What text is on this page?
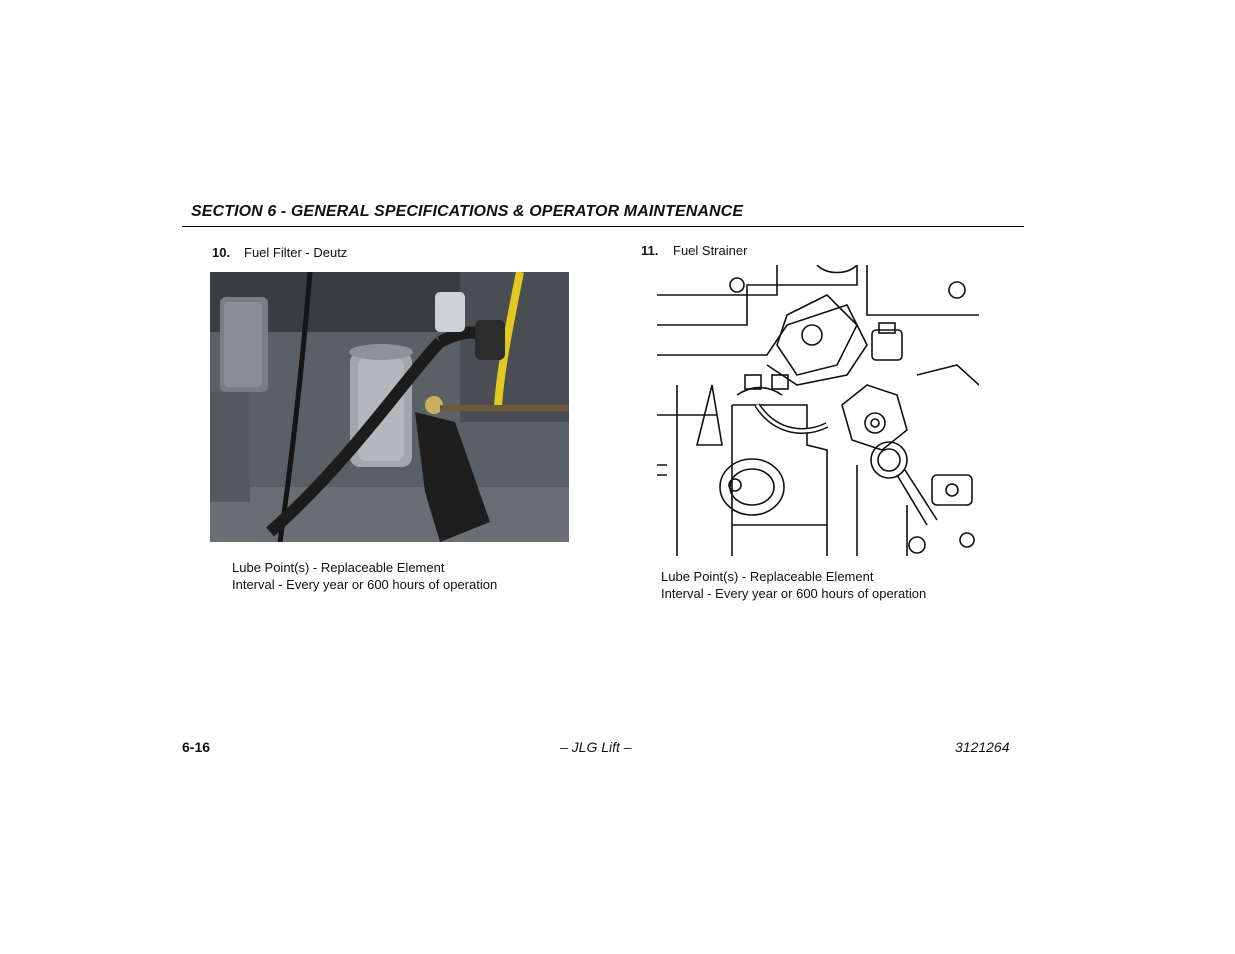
SECTION 6 - GENERAL SPECIFICATIONS & OPERATOR MAINTENANCE
10. Fuel Filter - Deutz
Lube Point(s) - Replaceable Element
Interval - Every year or 600 hours of operation
11. Fuel Strainer
Lube Point(s) - Replaceable Element
Interval - Every year or 600 hours of operation
6-16	– JLG Lift –	3121264
